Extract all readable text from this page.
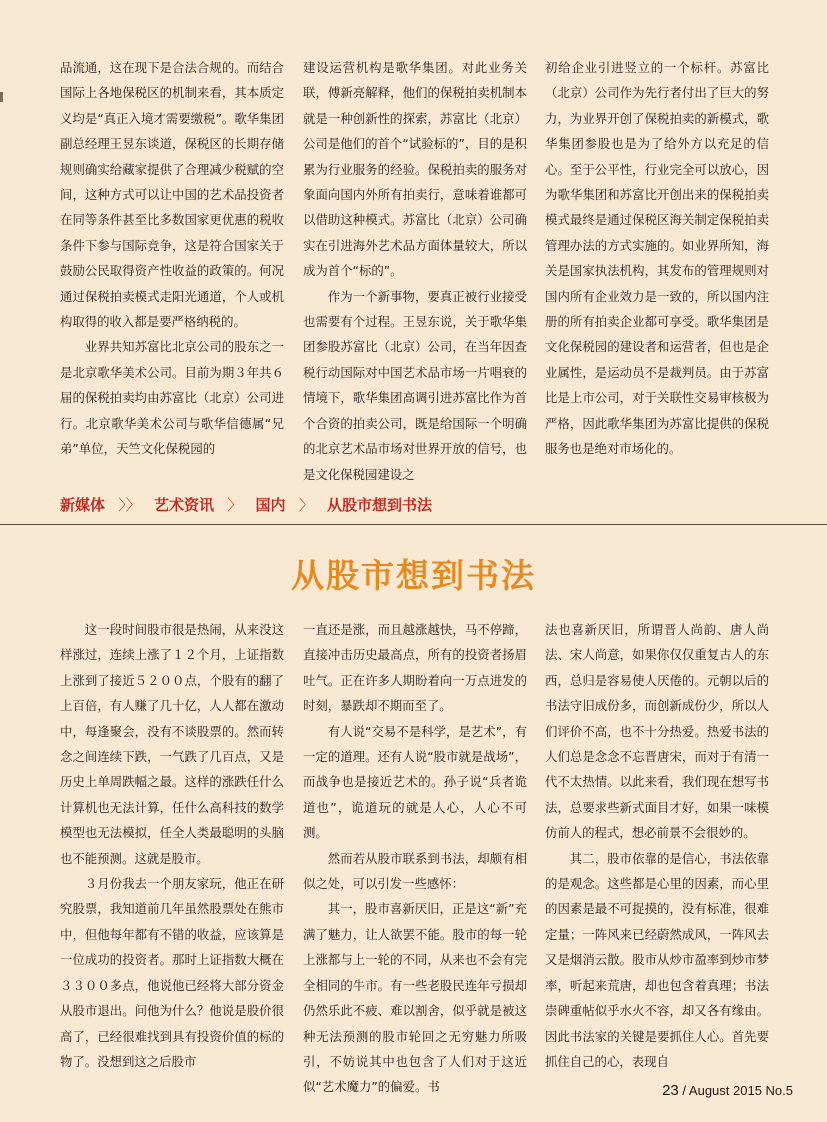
品流通，这在现下是合法合规的。而结合国际上各地保税区的机制来看，其本质定义均是“真正入境才需要缴税”。歌华集团副总经理王昱东谈道，保税区的长期存储规则确实给藏家提供了合理减少税赋的空间，这种方式可以让中国的艺术品投资者在同等条件甚至比多数国家更优惠的税收条件下参与国际竞争，这是符合国家关于鼓励公民取得资产性收益的政策的。何况通过保税拍卖模式走阳光通道，个人或机构取得的收入都是要严格纳税的。

业界共知苏富比北京公司的股东之一是北京歌华美术公司。目前为期３年共６届的保税拍卖均由苏富比（北京）公司进行。北京歌华美术公司与歌华信德属“兄弟”单位，天竺文化保税园的

建设运营机构是歌华集团。对此业务关联，傅新亮解释，他们的保税拍卖机制本就是一种创新性的探索，苏富比（北京）公司是他们的首个“试验标的”，目的是积累为行业服务的经验。保税拍卖的服务对象面向国内外所有拍卖行，意味着谁都可以借助这种模式。苏富比（北京）公司确实在引进海外艺术品方面体量较大，所以成为首个“标的”。

作为一个新事物，要真正被行业接受也需要有个过程。王昱东说，关于歌华集团参股苏富比（北京）公司，在当年因查税行动国际对中国艺术品市场一片唱衰的情境下，歌华集团高调引进苏富比作为首个合资的拍卖公司，既是给国际一个明确的北京艺术品市场对世界开放的信号，也是文化保税园建设之

初给企业引进竖立的一个标杆。苏富比（北京）公司作为先行者付出了巨大的努力，为业界开创了保税拍卖的新模式，歌华集团参股也是为了给外方以充足的信心。至于公平性，行业完全可以放心，因为歌华集团和苏富比开创出来的保税拍卖模式最终是通过保税区海关制定保税拍卖管理办法的方式实施的。如业界所知，海关是国家执法机构，其发布的管理规则对国内所有企业效力是一致的，所以国内注册的所有拍卖企业都可享受。歌华集团是文化保税园的建设者和运营者，但也是企业属性，是运动员不是裁判员。由于苏富比是上市公司，对于关联性交易审核极为严格，因此歌华集团为苏富比提供的保税服务也是绝对市场化的。

新媒体 〉〉 艺术资讯 〉 国内 〉 从股市想到书法
从股市想到书法

这一段时间股市很是热闹，从来没这样涨过，连续上涨了１２个月，上证指数上涨到了接近５２００点，个股有的翻了上百倍，有人赚了几十亿，人人都在激动中，每逢聚会，没有不谈股票的。然而转念之间连续下跌，一气跌了几百点，又是历史上单周跌幅之最。这样的涨跌任什么计算机也无法计算，任什么高科技的数学模型也无法模拟，任全人类最聪明的头脑也不能预测。这就是股市。

３月份我去一个朋友家玩，他正在研究股票，我知道前几年虽然股票处在熊市中，但他每年都有不错的收益，应该算是一位成功的投资者。那时上证指数大概在３３００多点，他说他已经将大部分资金从股市退出。问他为什么？他说是股价很高了，已经很难找到具有投资价值的标的物了。没想到这之后股市

一直还是涨，而且越涨越快，马不停蹄，直接冲击历史最高点，所有的投资者扬眉吐气。正在许多人期盼着向一万点进发的时刻，暴跌却不期而至了。

有人说“交易不是科学，是艺术”，有一定的道理。还有人说“股市就是战场”，而战争也是接近艺术的。孙子说“兵者诡道也”，诡道玩的就是人心，人心不可测。

然而若从股市联系到书法，却颇有相似之处，可以引发一些感怀：

其一，股市喜新厌旧，正是这“新”充满了魅力，让人欲罢不能。股市的每一轮上涨都与上一轮的不同，从来也不会有完全相同的牛市。有一些老股民连年亏损却仍然乐此不疲、难以割舍，似乎就是被这种无法预测的股市轮回之无穷魅力所吸引，不妨说其中也包含了人们对于这近似“艺术魔力”的偏爱。书

法也喜新厌旧，所谓晋人尚韵、唐人尚法、宋人尚意，如果你仅仅重复古人的东西，总归是容易使人厌倦的。元朝以后的书法守旧成份多，而创新成份少，所以人们评价不高，也不十分热爱。热爱书法的人们总是念念不忘晋唐宋，而对于有清一代不太热情。以此来看，我们现在想写书法，总要求些新式面目才好，如果一味模仿前人的程式，想必前景不会很妙的。

其二，股市依靠的是信心，书法依靠的是观念。这些都是心里的因素，而心里的因素是最不可捉摸的，没有标准，很难定量；一阵风来已经蔚然成风，一阵风去又是烟消云散。股市从炒市盈率到炒市梦率，听起来荒唐，却也包含着真理；书法崇碑重帖似乎水火不容，却又各有缘由。因此书法家的关键是要抓住人心。首先要抓住自己的心，表现自

23 / August 2015 No.5
